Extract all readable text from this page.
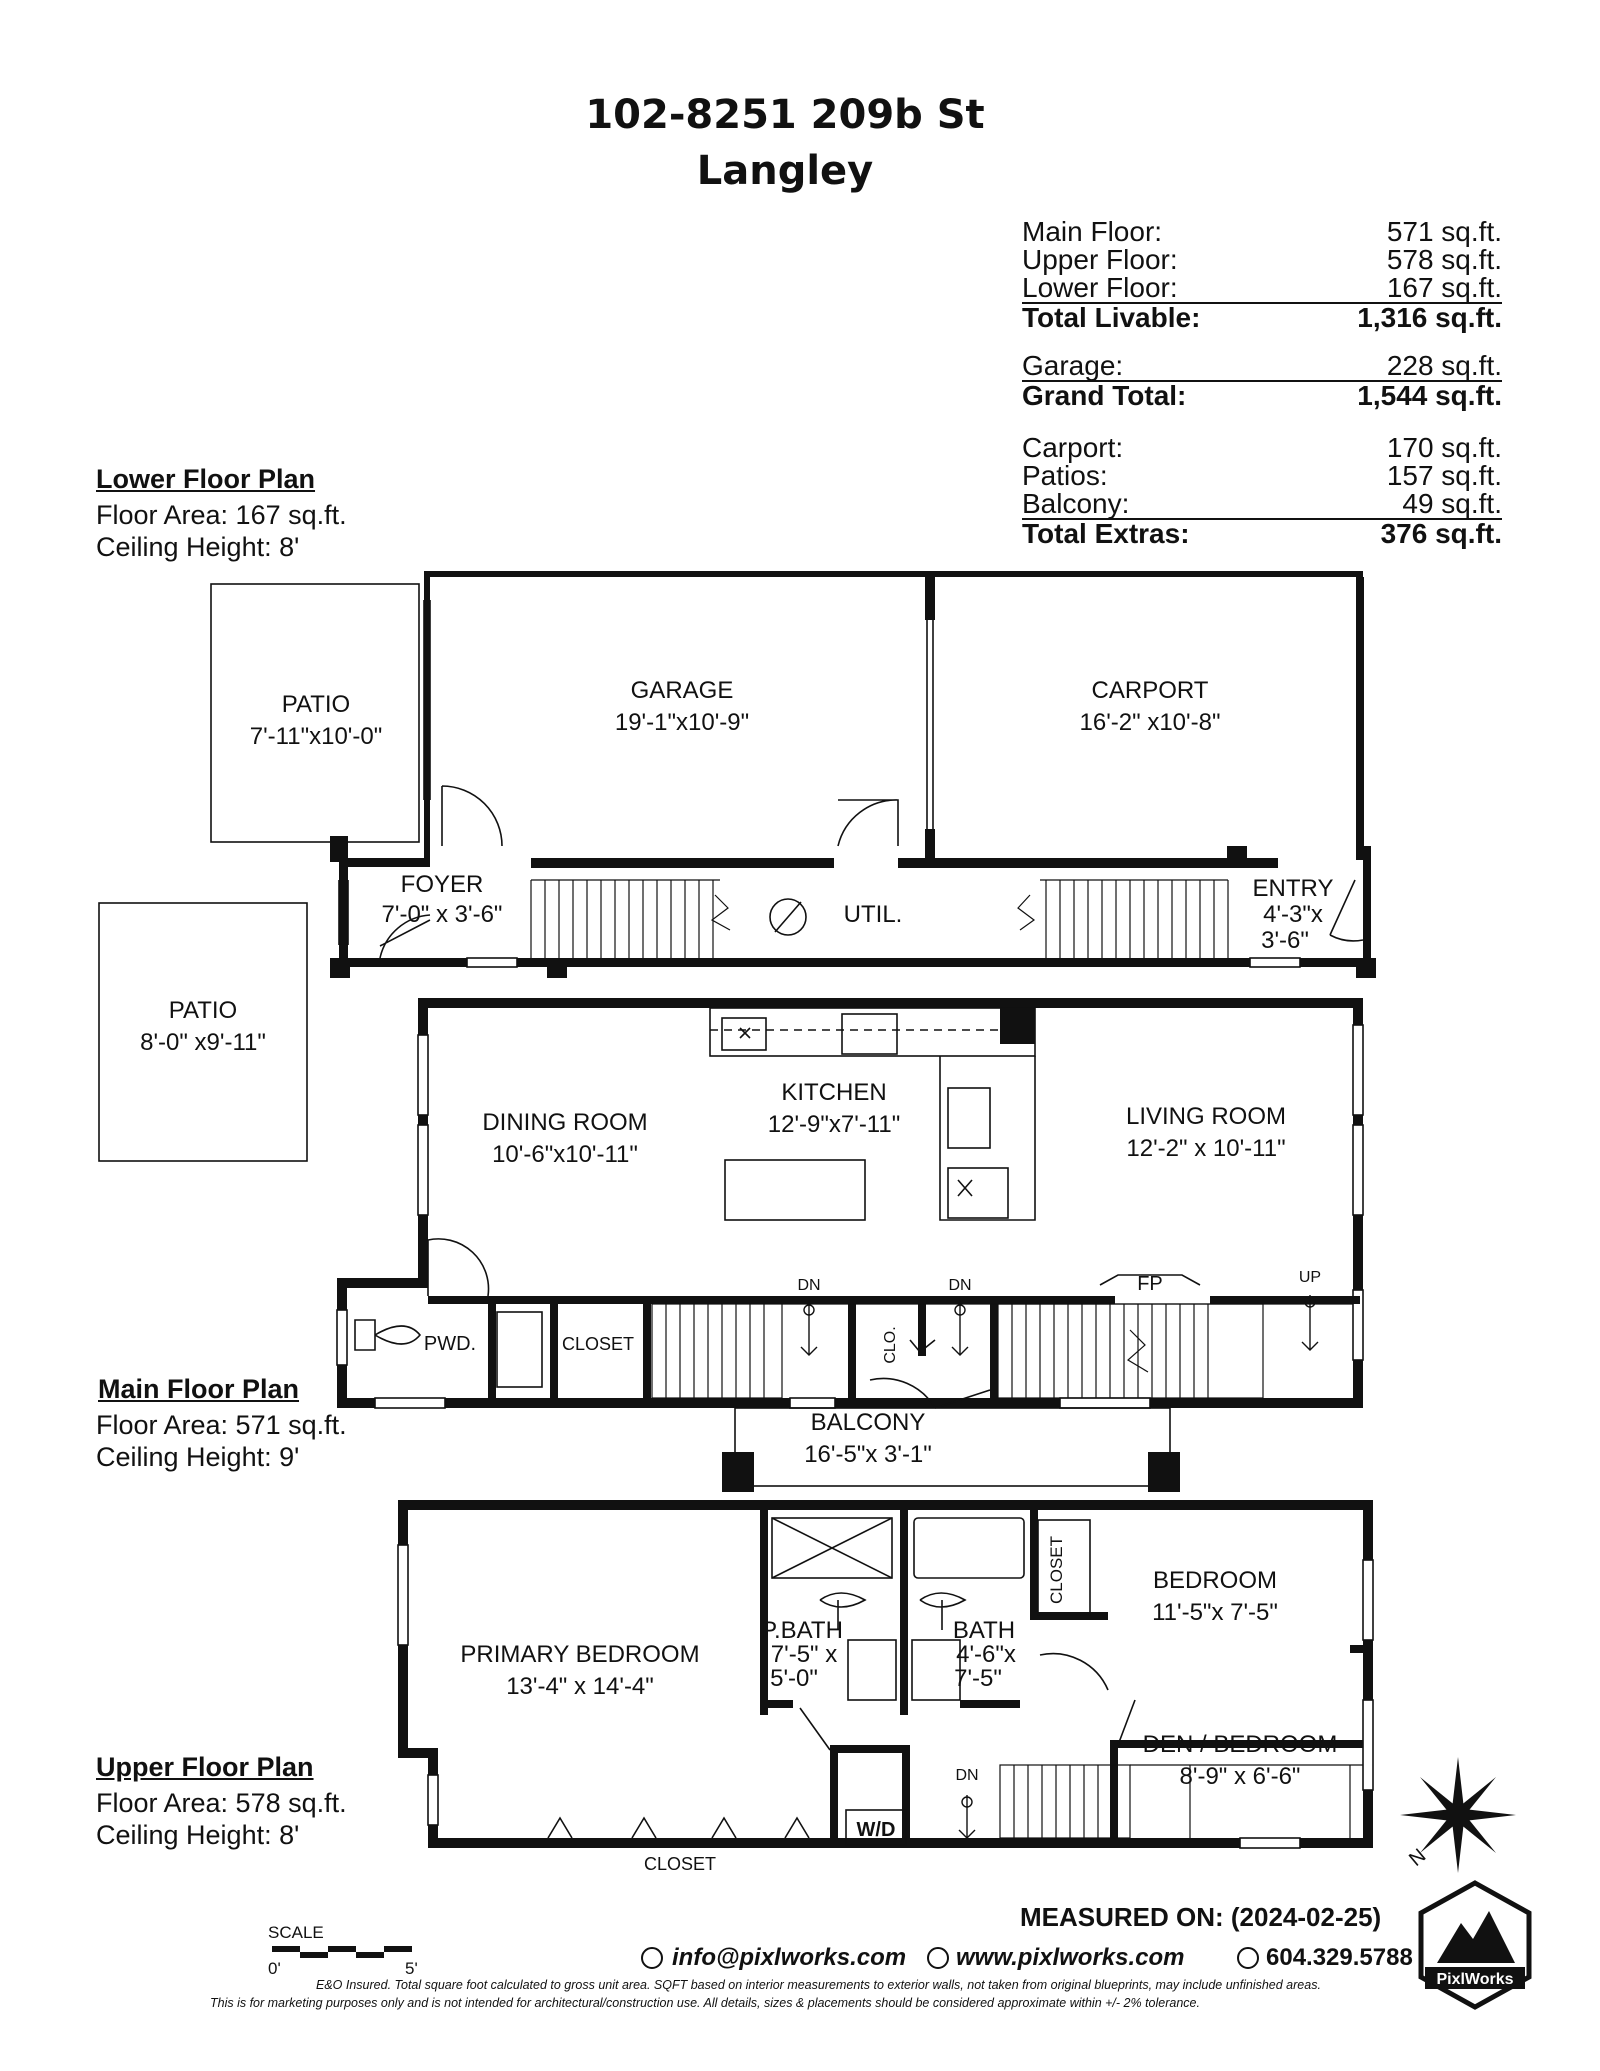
102-8251 209b St
Langley
Main Floor:	571 sq.ft.
Upper Floor:	578 sq.ft.
Lower Floor:	167 sq.ft.
Total Livable:	1,316 sq.ft.
Garage:	228 sq.ft.
Grand Total:	1,544 sq.ft.
Carport:	170 sq.ft.
Patios:	157 sq.ft.
Balcony:	49 sq.ft.
Total Extras:	376 sq.ft.
Lower Floor Plan
Floor Area: 167 sq.ft.
Ceiling Height: 8'
Main Floor Plan
Floor Area: 571 sq.ft.
Ceiling Height: 9'
Upper Floor Plan
Floor Area: 578 sq.ft.
Ceiling Height: 8'
PATIO
7'-11"x10'-0"
GARAGE
19'-1"x10'-9"
CARPORT
16'-2" x10'-8"
FOYER
7'-0" x 3'-6"	UTIL.
ENTRY
4'-3"x
3'-6"
PATIO
8'-0" x9'-11"
DINING ROOM
10'-6"x10'-11"
KITCHEN
12'-9"x7'-11"	LIVING ROOM
12'-2" x 10'-11"
PWD.	CLOSET	CLO.
FP
BALCONY
16'-5"x 3'-1"
PRIMARY BEDROOM
13'-4" x 14'-4"
P.BATH
7'-5" x
5'-0"
BATH
4'-6"x
7'-5"
CLOSET	BEDROOM
11'-5"x 7'-5"
DEN / BEDROOM
8'-9" x 6'-6"
CLOSET
W/D
DN	DN	UP
DN
N
SCALE
0'	5'
PixlWorks
MEASURED ON: (2024-02-25)
info@pixlworks.com www.pixlworks.com	604.329.5788
E&O Insured. Total square foot calculated to gross unit area. SQFT based on interior measurements to exterior walls, not taken from original blueprints, may include unfinished areas.
This is for marketing purposes only and is not intended for architectural/construction use. All details, sizes & placements should be considered approximate within +/- 2% tolerance.
